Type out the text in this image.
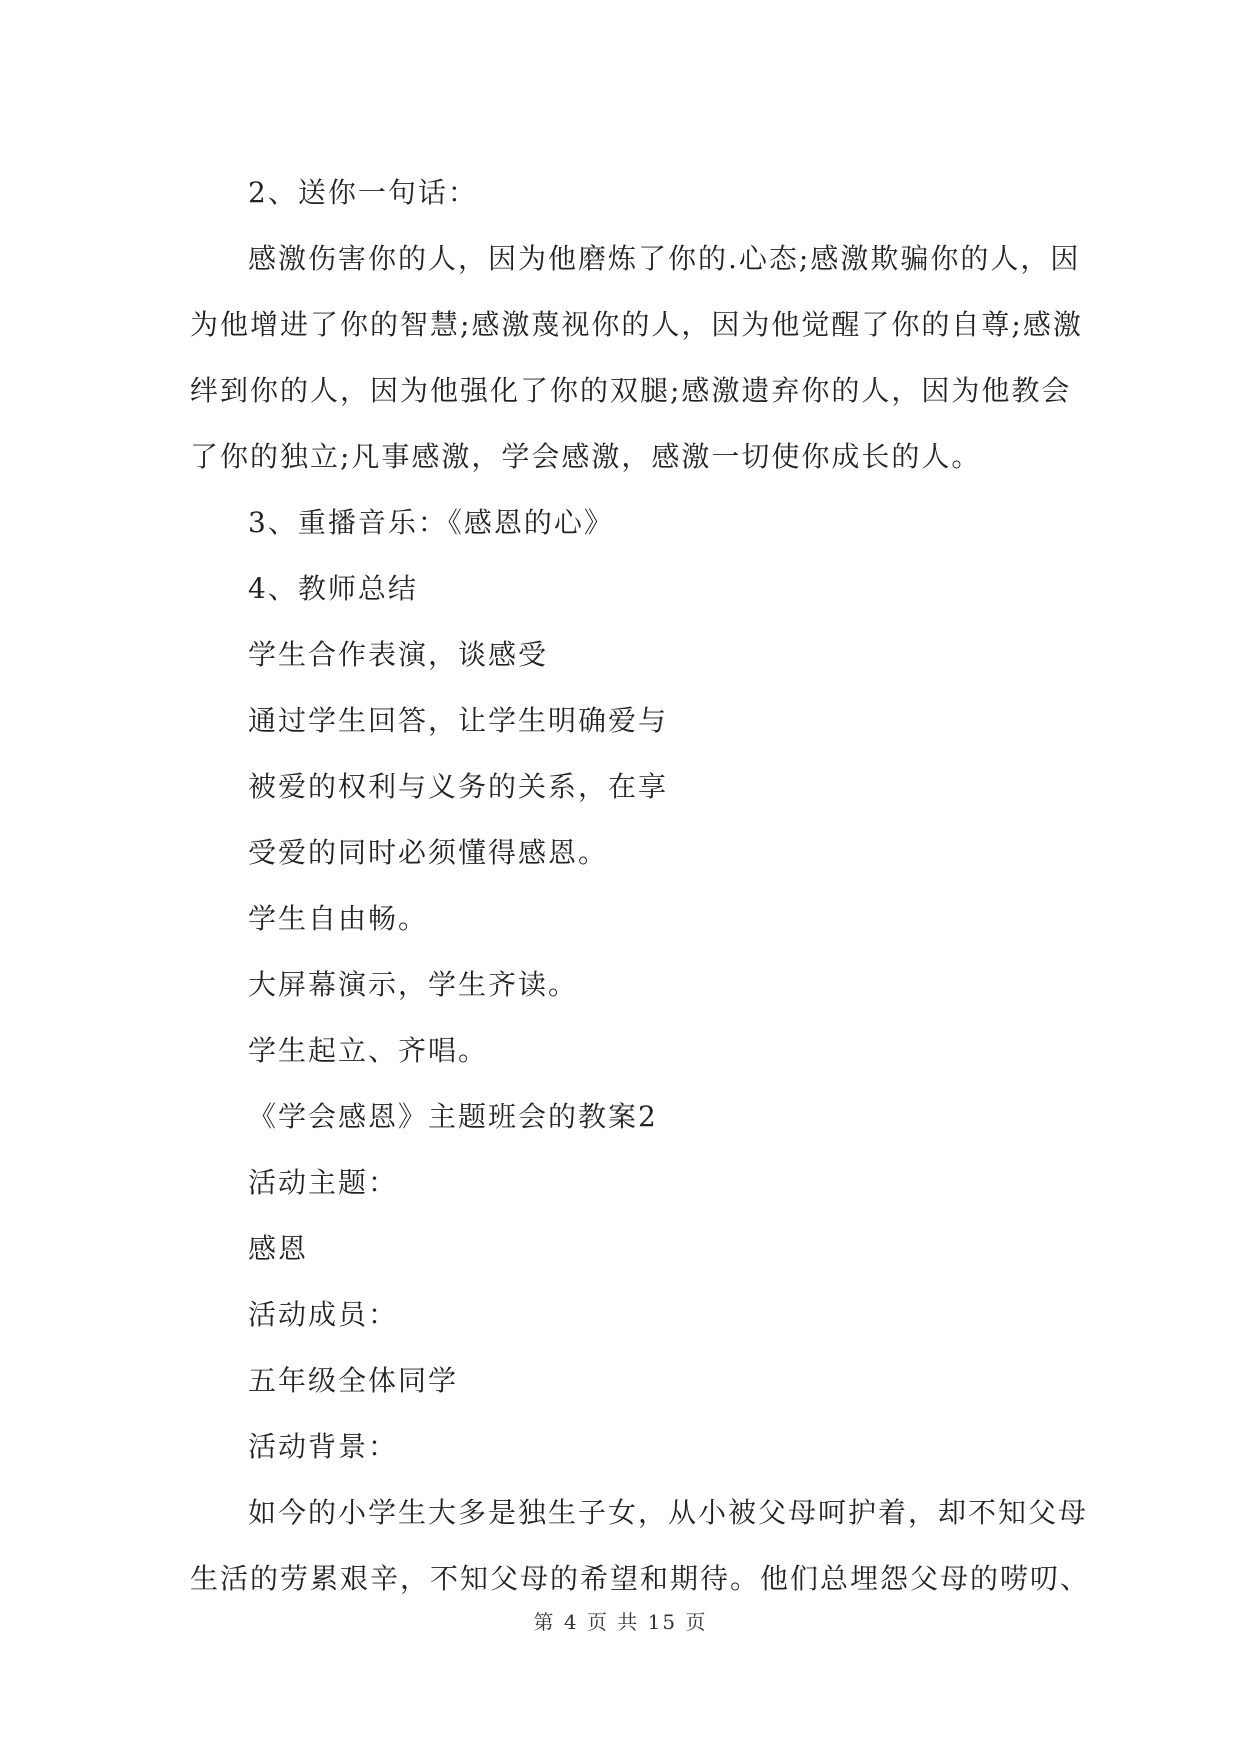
2、送你一句话：
感激伤害你的人，因为他磨炼了你的.心态;感激欺骗你的人，因
为他增进了你的智慧;感激蔑视你的人，因为他觉醒了你的自尊;感激
绊到你的人，因为他强化了你的双腿;感激遗弃你的人，因为他教会
了你的独立;凡事感激，学会感激，感激一切使你成长的人。
3、重播音乐：《感恩的心》
4、教师总结
学生合作表演，谈感受
通过学生回答，让学生明确爱与
被爱的权利与义务的关系，在享
受爱的同时必须懂得感恩。
学生自由畅。
大屏幕演示，学生齐读。
学生起立、齐唱。
《学会感恩》主题班会的教案2
活动主题：
感恩
活动成员：
五年级全体同学
活动背景：
如今的小学生大多是独生子女，从小被父母呵护着，却不知父母
生活的劳累艰辛，不知父母的希望和期待。他们总埋怨父母的唠叨、
第 4 页 共 15 页
